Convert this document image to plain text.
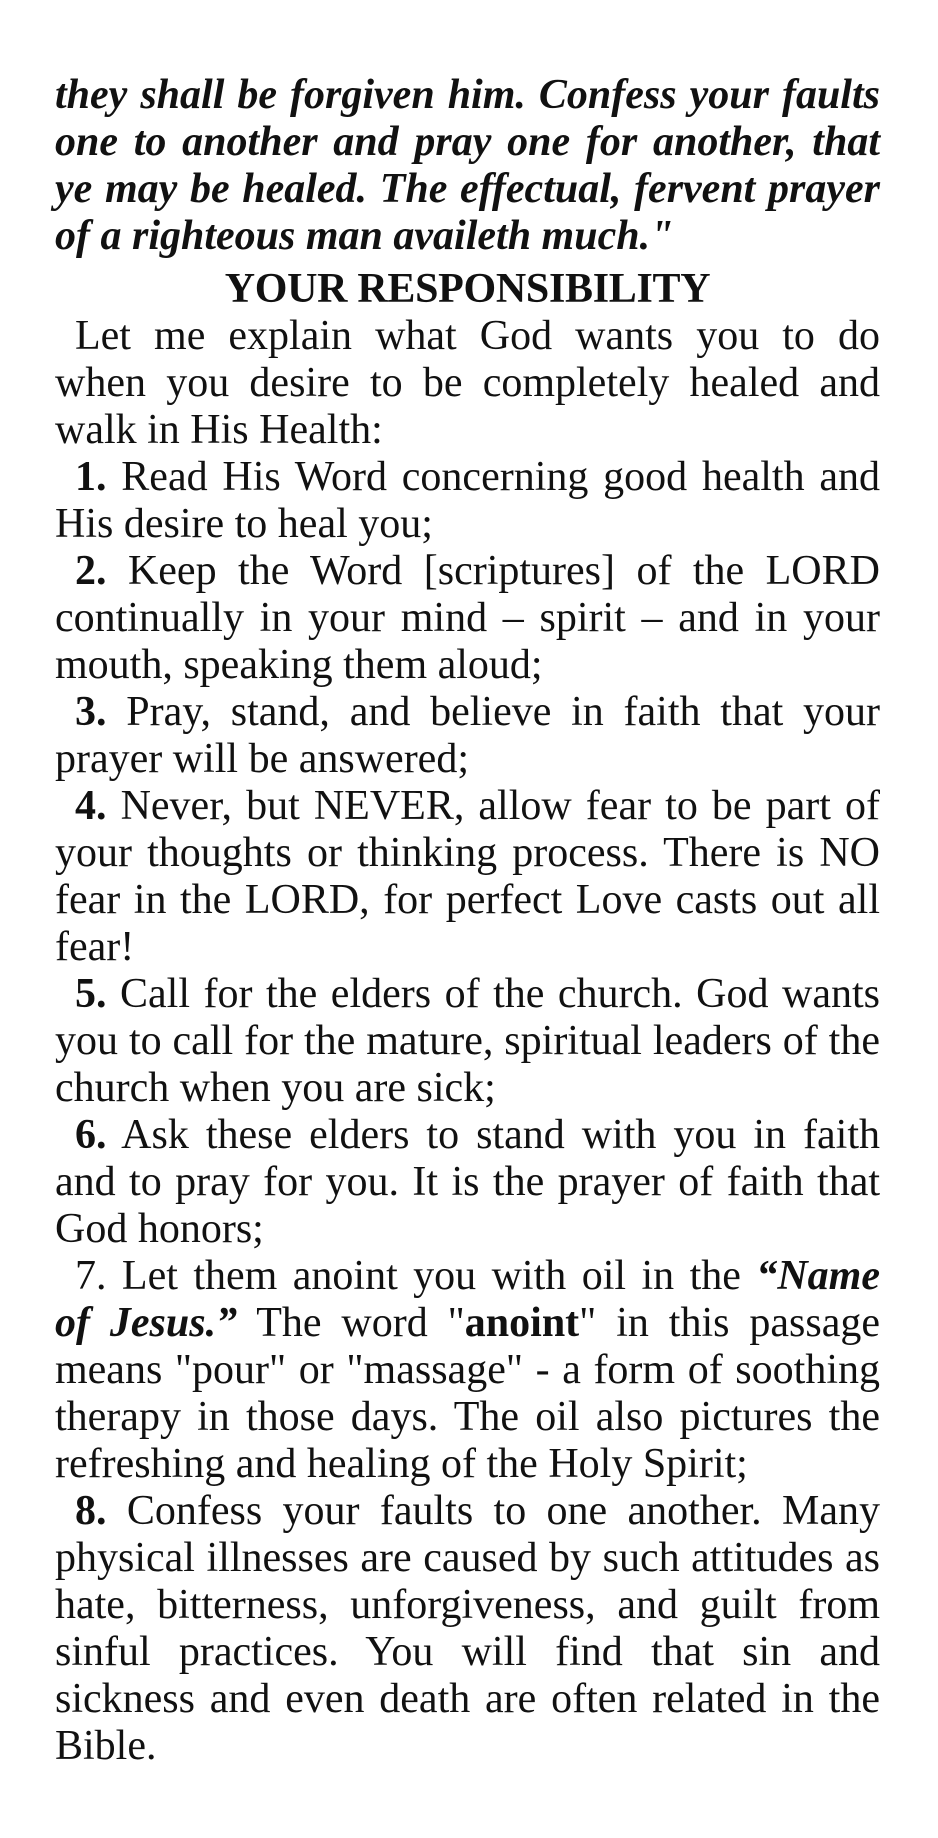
they shall be forgiven him. Confess your faults one to another and pray one for another, that ye may be healed. The effectual, fervent prayer of a righteous man availeth much."
YOUR RESPONSIBILITY

Let me explain what God wants you to do when you desire to be completely healed and walk in His Health:

1. Read His Word concerning good health and His desire to heal you;

2. Keep the Word [scriptures] of the LORD continually in your mind – spirit – and in your mouth, speaking them aloud;

3. Pray, stand, and believe in faith that your prayer will be answered;

4. Never, but NEVER, allow fear to be part of your thoughts or thinking process. There is NO fear in the LORD, for perfect Love casts out all fear!

5. Call for the elders of the church. God wants you to call for the mature, spiritual leaders of the church when you are sick;

6. Ask these elders to stand with you in faith and to pray for you. It is the prayer of faith that God honors;

7. Let them anoint you with oil in the “Name of Jesus.” The word "anoint" in this passage means "pour" or "massage" - a form of soothing therapy in those days. The oil also pictures the refreshing and healing of the Holy Spirit;

8. Confess your faults to one another. Many physical illnesses are caused by such attitudes as hate, bitterness, unforgiveness, and guilt from sinful practices. You will find that sin and sickness and even death are often related in the Bible.
